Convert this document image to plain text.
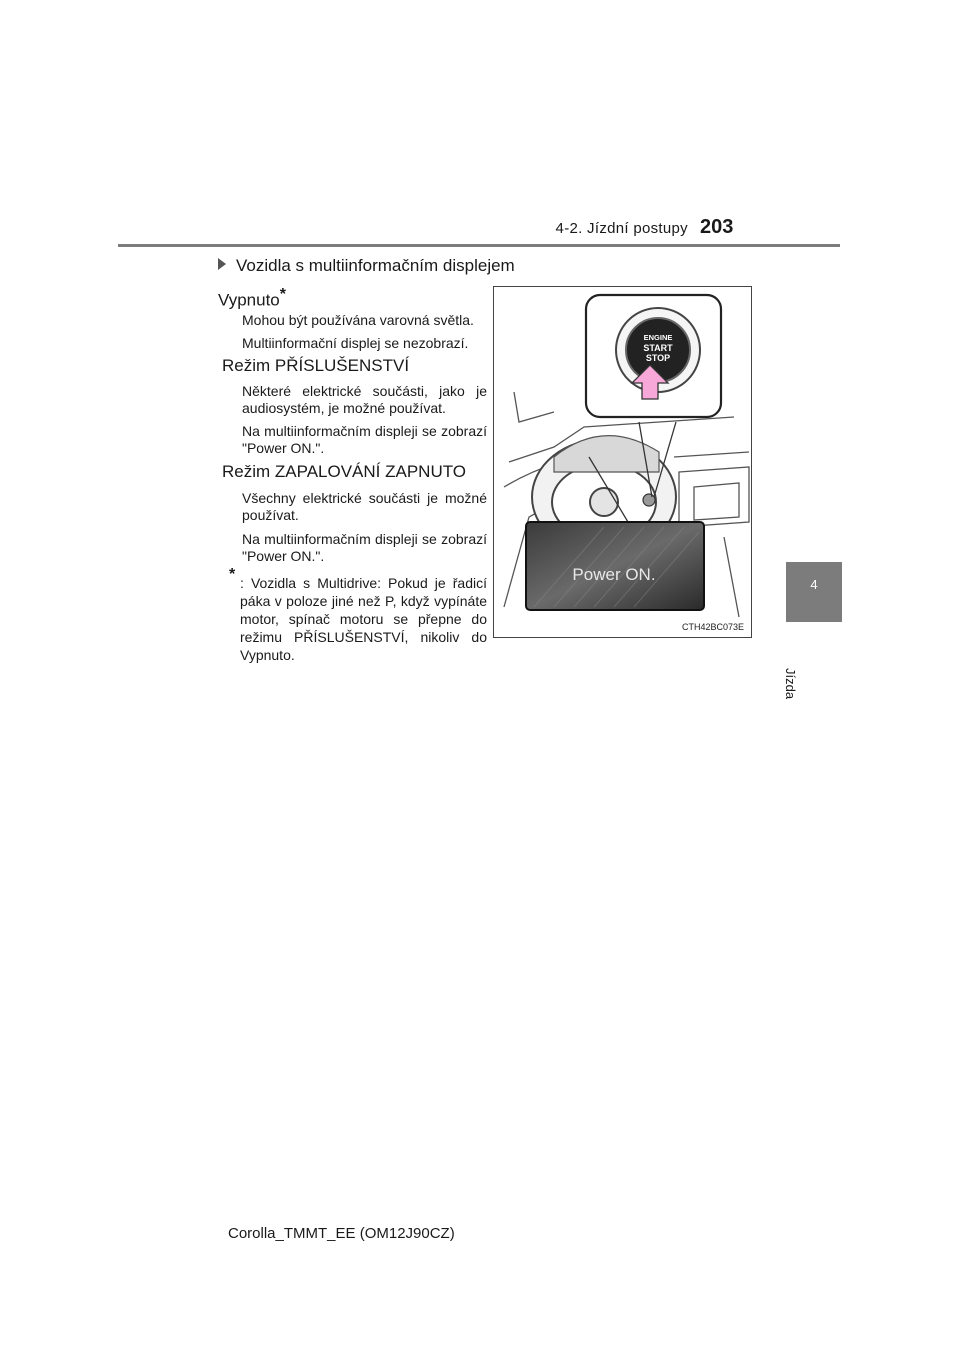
4-2. Jízdní postupy 203
4
Jízda
Vozidla s multiinformačním displejem
Vypnuto*
Mohou být používána varovná světla.
Multiinformační displej se nezobrazí.
Režim PŘÍSLUŠENSTVÍ
Některé elektrické součásti, jako je audiosystém, je možné používat.
Na multiinformačním displeji se zobrazí "Power ON.".
Režim ZAPALOVÁNÍ ZAPNUTO
Všechny elektrické součásti je možné používat.
Na multiinformačním displeji se zobrazí "Power ON.".
* : Vozidla s Multidrive: Pokud je řadicí páka v poloze jiné než P, když vypínáte motor, spínač motoru se přepne do režimu PŘÍSLUŠENSTVÍ, nikoliv do Vypnuto.
ENGINE
START
STOP
Power ON.
CTH42BC073E
Corolla_TMMT_EE (OM12J90CZ)
